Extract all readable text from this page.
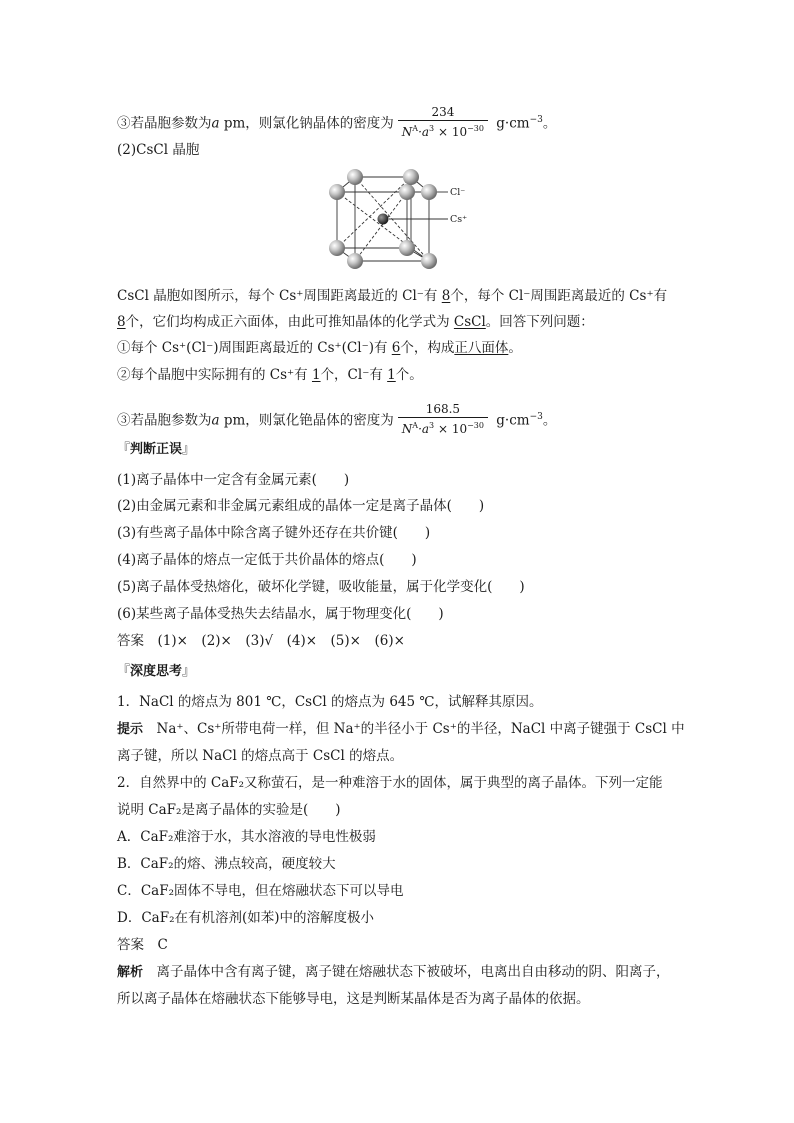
③若晶胞参数为a pm，则氯化钠晶体的密度为 $\frac{234}{N^A\cdot a^3 \times 10^{-30}} g\cdot cm^{-3}$。
(2)CsCl 晶胞
Cl⁻
Cs⁺
CsCl 晶胞如图所示，每个 Cs⁺周围距离最近的 Cl⁻有 8个，每个 Cl⁻周围距离最近的 Cs⁺有
8个，它们均构成正六面体，由此可推知晶体的化学式为 CsCl。回答下列问题：
①每个 Cs⁺(Cl⁻)周围距离最近的 Cs⁺(Cl⁻)有 6个，构成正八面体。
②每个晶胞中实际拥有的 Cs⁺有 1个，Cl⁻有 1个。
③若晶胞参数为a pm，则氯化铯晶体的密度为 $\frac{168.5}{N^A\cdot a^3 \times 10^{-30}} g\cdot cm^{-3}$。
『判断正误』
(1)离子晶体中一定含有金属元素(　　)
(2)由金属元素和非金属元素组成的晶体一定是离子晶体(　　)
(3)有些离子晶体中除含离子键外还存在共价键(　　)
(4)离子晶体的熔点一定低于共价晶体的熔点(　　)
(5)离子晶体受热熔化，破坏化学键，吸收能量，属于化学变化(　　)
(6)某些离子晶体受热失去结晶水，属于物理变化(　　)
答案　 (1)×　(2)×　(3)√　(4)×　(5)×　(6)×
『深度思考』
1．NaCl 的熔点为 801 ℃，CsCl 的熔点为 645 ℃，试解释其原因。
提示　 Na⁺、Cs⁺所带电荷一样，但 Na⁺的半径小于 Cs⁺的半径，NaCl 中离子键强于 CsCl 中
离子键，所以 NaCl 的熔点高于 CsCl 的熔点。
2．自然界中的 CaF₂又称萤石，是一种难溶于水的固体，属于典型的离子晶体。下列一定能
说明 CaF₂是离子晶体的实验是(　　)
A．CaF₂难溶于水，其水溶液的导电性极弱
B．CaF₂的熔、沸点较高，硬度较大
C．CaF₂固体不导电，但在熔融状态下可以导电
D．CaF₂在有机溶剂(如苯)中的溶解度极小
答案　 C
解析　 离子晶体中含有离子键，离子键在熔融状态下被破坏，电离出自由移动的阴、阳离子，
所以离子晶体在熔融状态下能够导电，这是判断某晶体是否为离子晶体的依据。
